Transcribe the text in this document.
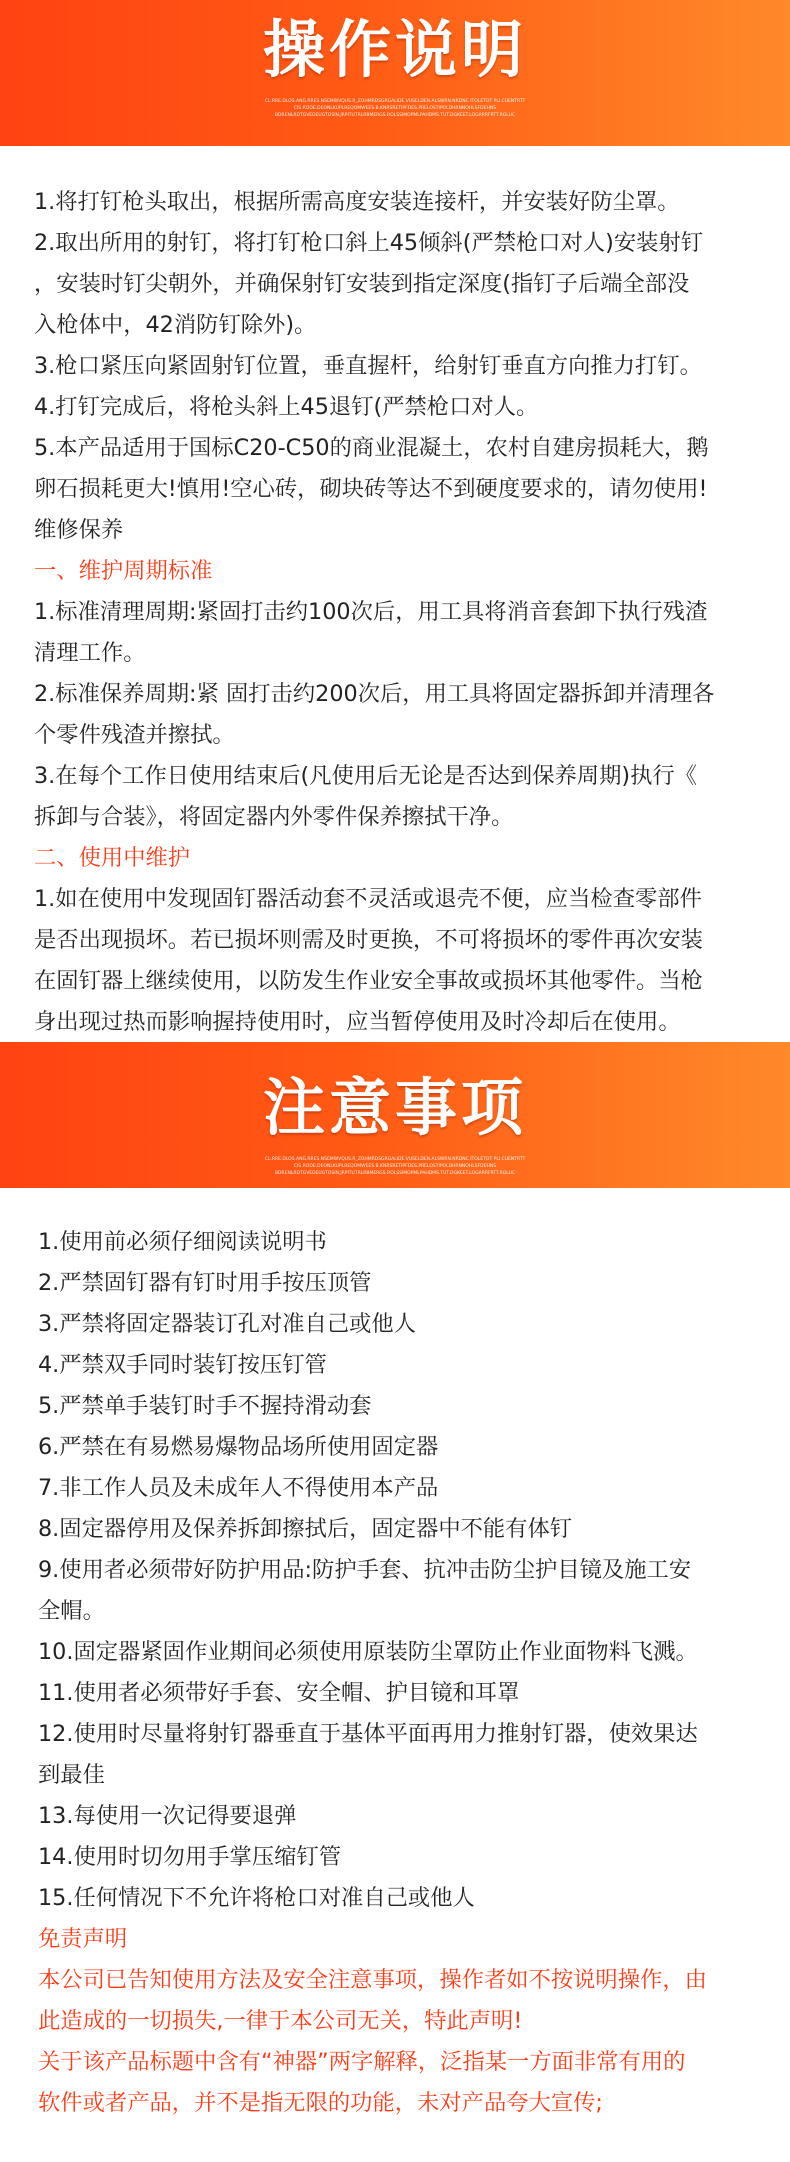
操作说明
CL.RRE.DLOS.ANG.RRES.NSEMWVQUS.R_ZOHMRDSGRGALIDE.VUSELDEN.ALSWRN.NRDNC ITOLETOT PLI.CUENTRTT
CIS.ROOE.DEONLKUPLREQOMWEES.B.KNRSRETIPFDES.PRELOSTIPOLDHRNNOHLSFDEHNS
BDRENLRDTGVEDEUGTOSIN,JRPITUTRLRBMERGS.ROLSSIMOPMLPAHDMS.TUT.DGKEET.LOGARRFRTT.RGLUC

1.将打钉枪头取出，根据所需高度安装连接杆，并安装好防尘罩。

2.取出所用的射钉，将打钉枪口斜上45倾斜(严禁枪口对人)安装射钉

，安装时钉尖朝外，并确保射钉安装到指定深度(指钉子后端全部没

入枪体中，42消防钉除外)。

3.枪口紧压向紧固射钉位置，垂直握杆，给射钉垂直方向推力打钉。

4.打钉完成后，将枪头斜上45退钉(严禁枪口对人。

5.本产品适用于国标C20-C50的商业混凝土，农村自建房损耗大，鹅

卵石损耗更大!慎用!空心砖，砌块砖等达不到硬度要求的，请勿使用!

维修保养

一、维护周期标准

1.标准清理周期:紧固打击约100次后，用工具将消音套卸下执行残渣

清理工作。

2.标准保养周期:紧 固打击约200次后，用工具将固定器拆卸并清理各

个零件残渣并擦拭。

3.在每个工作日使用结束后(凡使用后无论是否达到保养周期)执行《

拆卸与合装》，将固定器内外零件保养擦拭干净。

二、使用中维护

1.如在使用中发现固钉器活动套不灵活或退壳不便，应当检查零部件

是否出现损坏。若已损坏则需及时更换，不可将损坏的零件再次安装

在固钉器上继续使用，以防发生作业安全事故或损坏其他零件。当枪

身出现过热而影响握持使用时，应当暂停使用及时冷却后在使用。

注意事项
CL.RRE.DLOS.ANG.RRES.NSEMWVQUS.R_ZOHMRDSGRGALIDE.VUSELDEN.ALSWRN.NRDNC ITOLETOT PLI.CUENTRTT
CIS.ROOE.DEONLKUPLREQOMWEES.B.KNRSRETIPFDES.PRELOSTIPOLDHRNNOHLSFDEHNS
BDRENLRDTGVEDEUGTOSIN,JRPITUTRLRBMERGS.ROLSSIMOPMLPAHDMS.TUT.DGKEET.LOGARRFRTT.RGLUC

1.使用前必须仔细阅读说明书

2.严禁固钉器有钉时用手按压顶管

3.严禁将固定器装订孔对准自己或他人

4.严禁双手同时装钉按压钉管

5.严禁单手装钉时手不握持滑动套

6.严禁在有易燃易爆物品场所使用固定器

7.非工作人员及未成年人不得使用本产品

8.固定器停用及保养拆卸擦拭后，固定器中不能有体钉

9.使用者必须带好防护用品:防护手套、抗冲击防尘护目镜及施工安

全帽。

10.固定器紧固作业期间必须使用原装防尘罩防止作业面物料飞溅。

11.使用者必须带好手套、安全帽、护目镜和耳罩

12.使用时尽量将射钉器垂直于基体平面再用力推射钉器，使效果达

到最佳

13.每使用一次记得要退弹

14.使用时切勿用手掌压缩钉管

15.任何情况下不允许将枪口对准自己或他人

免责声明

本公司已告知使用方法及安全注意事项，操作者如不按说明操作，由

此造成的一切损失,一律于本公司无关，特此声明!

关于该产品标题中含有“神器”两字解释，泛指某一方面非常有用的

软件或者产品，并不是指无限的功能，未对产品夸大宣传;
